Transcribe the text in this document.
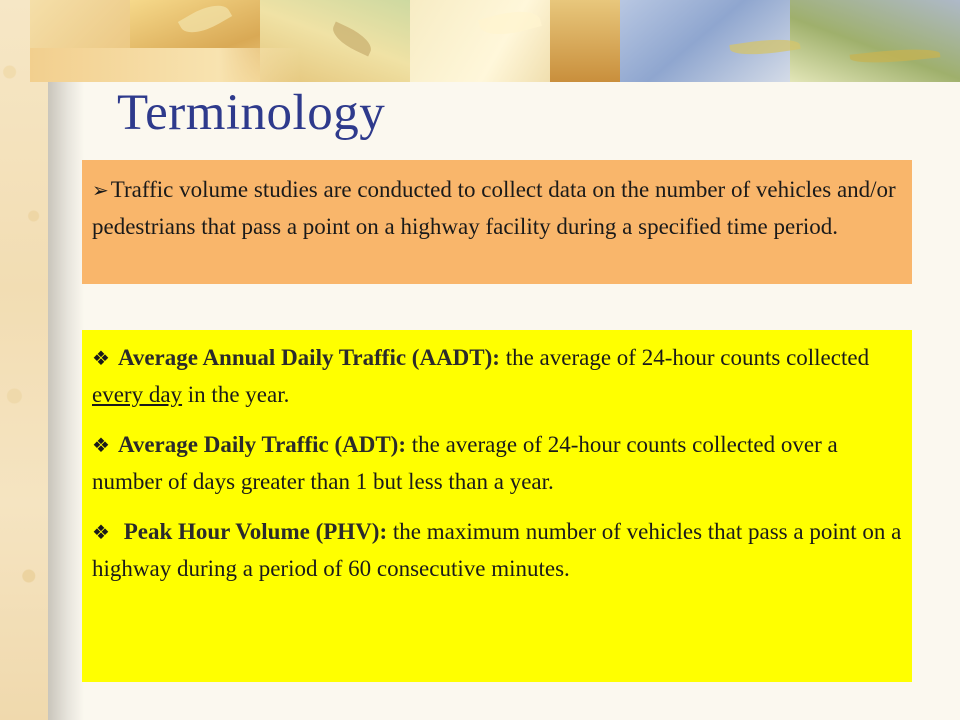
Terminology

➢Traffic volume studies are conducted to collect data on the number of vehicles and/or pedestrians that pass a point on a highway facility during a specified time period.

❖ Average Annual Daily Traffic (AADT): the average of 24-hour counts collected every day in the year.

❖ Average Daily Traffic (ADT): the average of 24-hour counts collected over a number of days greater than 1 but less than a year.

❖ Peak Hour Volume (PHV): the maximum number of vehicles that pass a point on a highway during a period of 60 consecutive minutes.
